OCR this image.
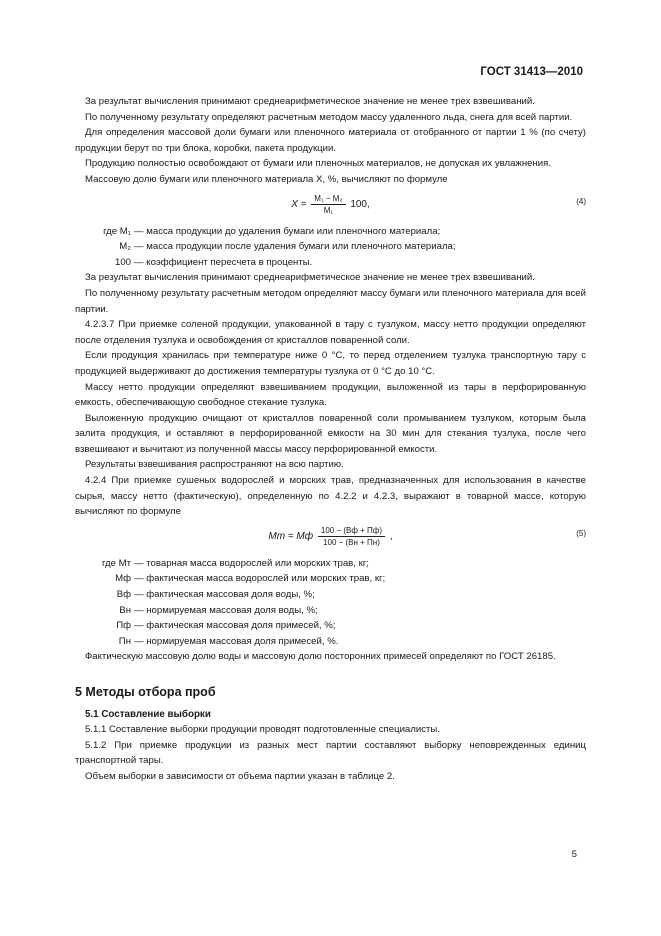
ГОСТ 31413—2010

За результат вычисления принимают среднеарифметическое значение не менее трех взвешиваний.

По полученному результату определяют расчетным методом массу удаленного льда, снега для всей партии.

Для определения массовой доли бумаги или пленочного материала от отобранного от партии 1 % (по счету) продукции берут по три блока, коробки, пакета продукции.

Продукцию полностью освобождают от бумаги или пленочных материалов, не допуская их увлажнения.

Массовую долю бумаги или пленочного материала X, %, вычисляют по формуле

$X = \frac{\text{M₁ − M₂}}{\text{M₁}} 100$,	(4)
где M₁ — масса продукции до удаления бумаги или пленочного материала;
M₂ — масса продукции после удаления бумаги или пленочного материала;
100 — коэффициент пересчета в проценты.

За результат вычисления принимают среднеарифметическое значение не менее трех взвешиваний.

По полученному результату расчетным методом определяют массу бумаги или пленочного материала для всей партии.

4.2.3.7 При приемке соленой продукции, упакованной в тару с тузлуком, массу нетто продукции определяют после отделения тузлука и освобождения от кристаллов поваренной соли.

Если продукция хранилась при температуре ниже 0 °С, то перед отделением тузлука транспортную тару с продукцией выдерживают до достижения температуры тузлука от 0 °С до 10 °С.

Массу нетто продукции определяют взвешиванием продукции, выложенной из тары в перфорированную емкость, обеспечивающую свободное стекание тузлука.

Выложенную продукцию очищают от кристаллов поваренной соли промыванием тузлуком, которым была залита продукция, и оставляют в перфорированной емкости на 30 мин для стекания тузлука, после чего взвешивают и вычитают из полученной массы массу перфорированной емкости.

Результаты взвешивания распространяют на всю партию.

4.2.4 При приемке сушеных водорослей и морских трав, предназначенных для использования в качестве сырья, массу нетто (фактическую), определенную по 4.2.2 и 4.2.3, выражают в товарной массе, которую вычисляют по формуле

Mт = Mф $\frac{100 - (Bф + Пф)}{100 - (Bн + Пн)}$ ,	(5)
где Mт — товарная масса водорослей или морских трав, кг;
Mф — фактическая масса водорослей или морских трав, кг;
Bф — фактическая массовая доля воды, %;
Bн — нормируемая массовая доля воды, %;
Пф — фактическая массовая доля примесей, %;
Пн — нормируемая массовая доля примесей, %.

Фактическую массовую долю воды и массовую долю посторонних примесей определяют по ГОСТ 26185.

5 Методы отбора проб
5.1 Составление выборки

5.1.1 Составление выборки продукции проводят подготовленные специалисты.

5.1.2 При приемке продукции из разных мест партии составляют выборку неповрежденных единиц транспортной тары.

Объем выборки в зависимости от объема партии указан в таблице 2.

5
